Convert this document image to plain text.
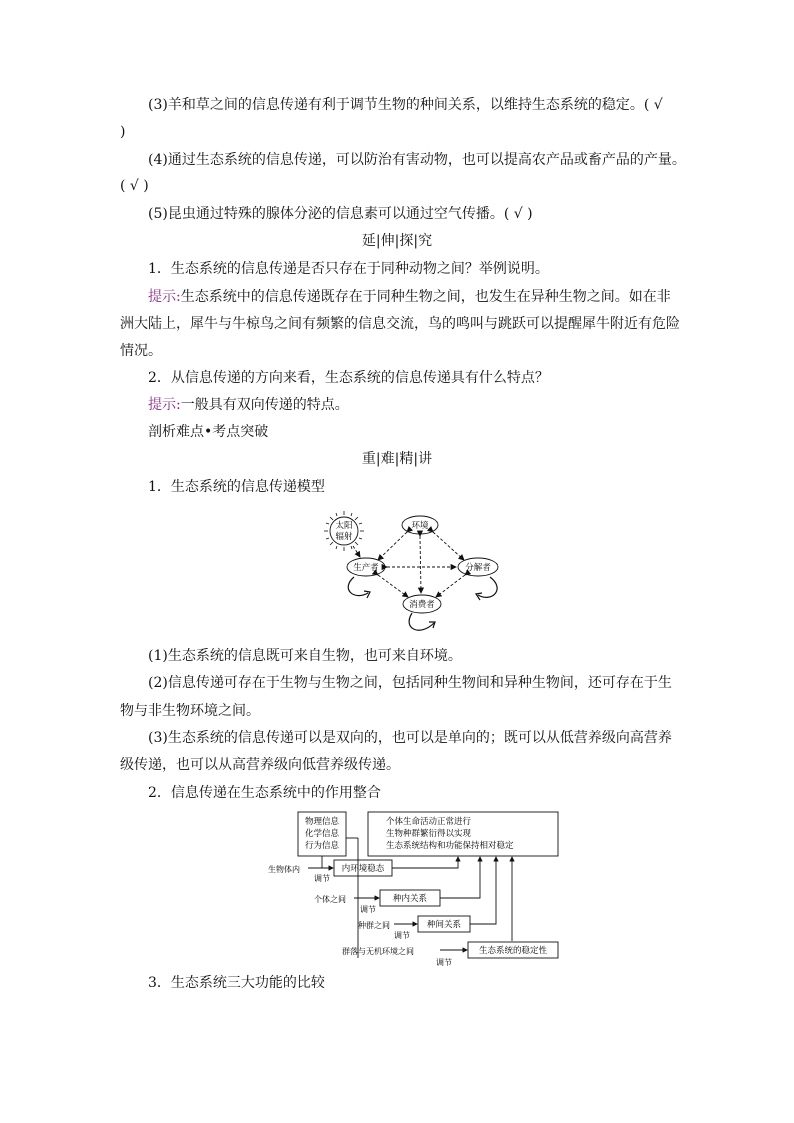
(3)羊和草之间的信息传递有利于调节生物的种间关系，以维持生态系统的稳定。( √
)
(4)通过生态系统的信息传递，可以防治有害动物，也可以提高农产品或畜产品的产量。
( √ )
(5)昆虫通过特殊的腺体分泌的信息素可以通过空气传播。( √ )
延|伸|探|究
1．生态系统的信息传递是否只存在于同种动物之间？举例说明。
提示:生态系统中的信息传递既存在于同种生物之间，也发生在异种生物之间。如在非
洲大陆上，犀牛与牛椋鸟之间有频繁的信息交流，鸟的鸣叫与跳跃可以提醒犀牛附近有危险
情况。
2．从信息传递的方向来看，生态系统的信息传递具有什么特点？
提示:一般具有双向传递的特点。
剖析难点•考点突破
重|难|精|讲
1．生态系统的信息传递模型
太阳
辐射
环境
生产者	分解者
消费者
(1)生态系统的信息既可来自生物，也可来自环境。
(2)信息传递可存在于生物与生物之间，包括同种生物间和异种生物间，还可存在于生
物与非生物环境之间。
(3)生态系统的信息传递可以是双向的，也可以是单向的；既可以从低营养级向高营养
级传递，也可以从高营养级向低营养级传递。
2．信息传递在生态系统中的作用整合
物理信息
化学信息
行为信息
个体生命活动正常进行
生物种群繁衍得以实现
生态系统结构和功能保持相对稳定
内环境稳态
种内关系
种间关系
生态系统的稳定性
生物体内
调节
个体之间
调节
种群之间
调节
群落与无机环境之间
调节
3．生态系统三大功能的比较
